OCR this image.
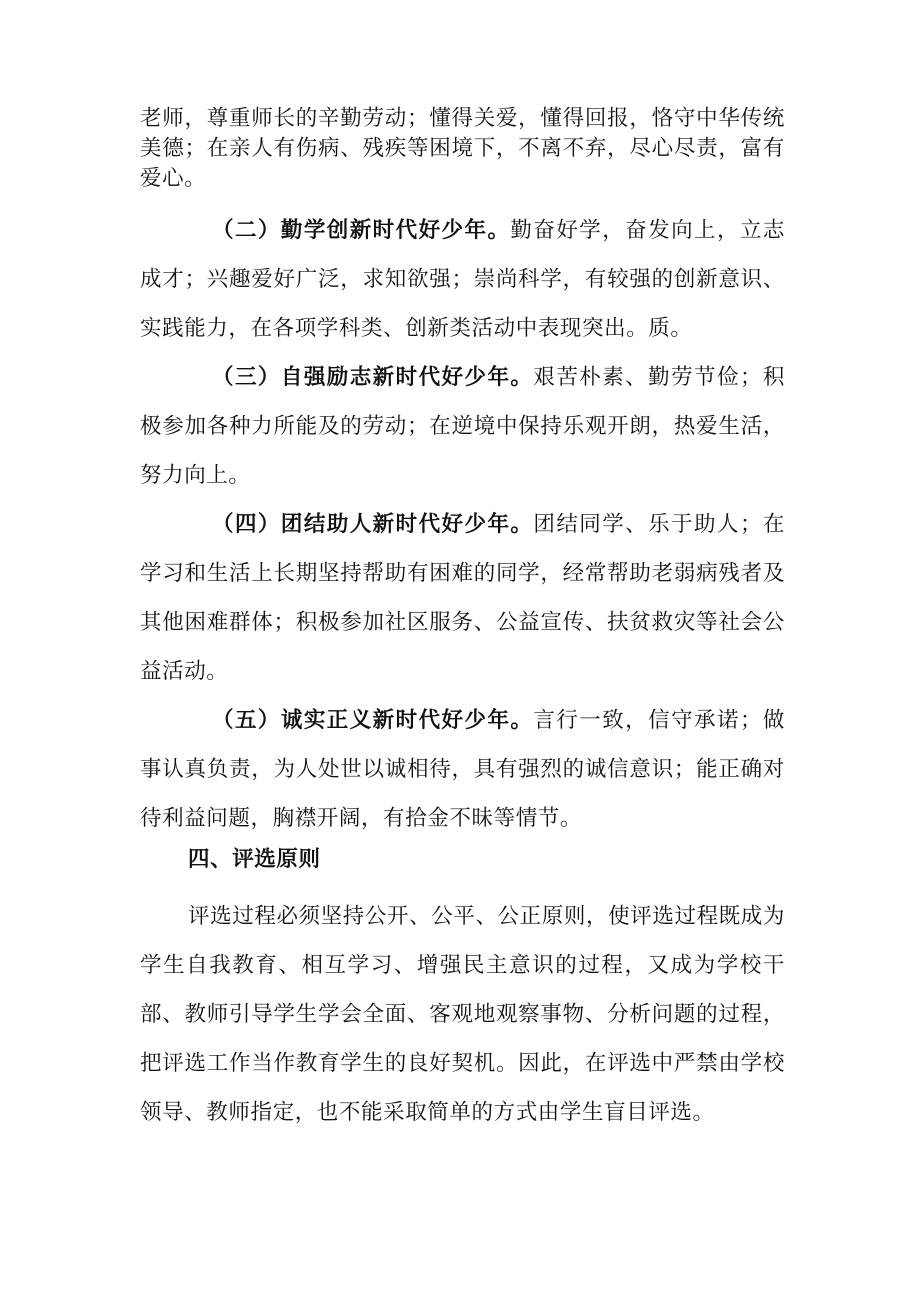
老师，尊重师长的辛勤劳动；懂得关爱，懂得回报，恪守中华传统美德；在亲人有伤病、残疾等困境下，不离不弃，尽心尽责，富有爱心。

（二）勤学创新时代好少年。勤奋好学，奋发向上，立志成才；兴趣爱好广泛，求知欲强；崇尚科学，有较强的创新意识、实践能力，在各项学科类、创新类活动中表现突出。质。

（三）自强励志新时代好少年。艰苦朴素、勤劳节俭；积极参加各种力所能及的劳动；在逆境中保持乐观开朗，热爱生活，努力向上。

（四）团结助人新时代好少年。团结同学、乐于助人；在学习和生活上长期坚持帮助有困难的同学，经常帮助老弱病残者及其他困难群体；积极参加社区服务、公益宣传、扶贫救灾等社会公益活动。

（五）诚实正义新时代好少年。言行一致，信守承诺；做事认真负责，为人处世以诚相待，具有强烈的诚信意识；能正确对待利益问题，胸襟开阔，有拾金不昧等情节。

四、评选原则

评选过程必须坚持公开、公平、公正原则，使评选过程既成为学生自我教育、相互学习、增强民主意识的过程，又成为学校干部、教师引导学生学会全面、客观地观察事物、分析问题的过程，把评选工作当作教育学生的良好契机。因此，在评选中严禁由学校领导、教师指定，也不能采取简单的方式由学生盲目评选。
